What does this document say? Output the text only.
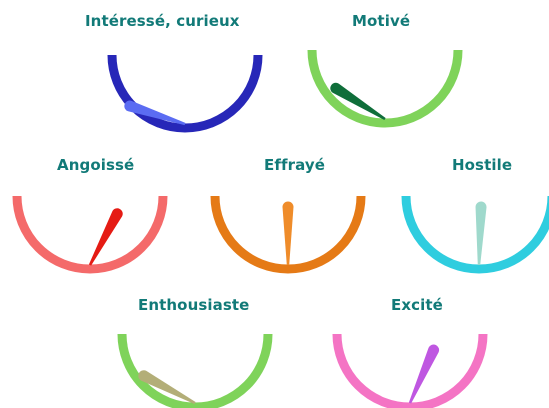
Intéressé, curieux	Motivé
Angoissé	Effrayé	Hostile
Enthousiaste	Excité
